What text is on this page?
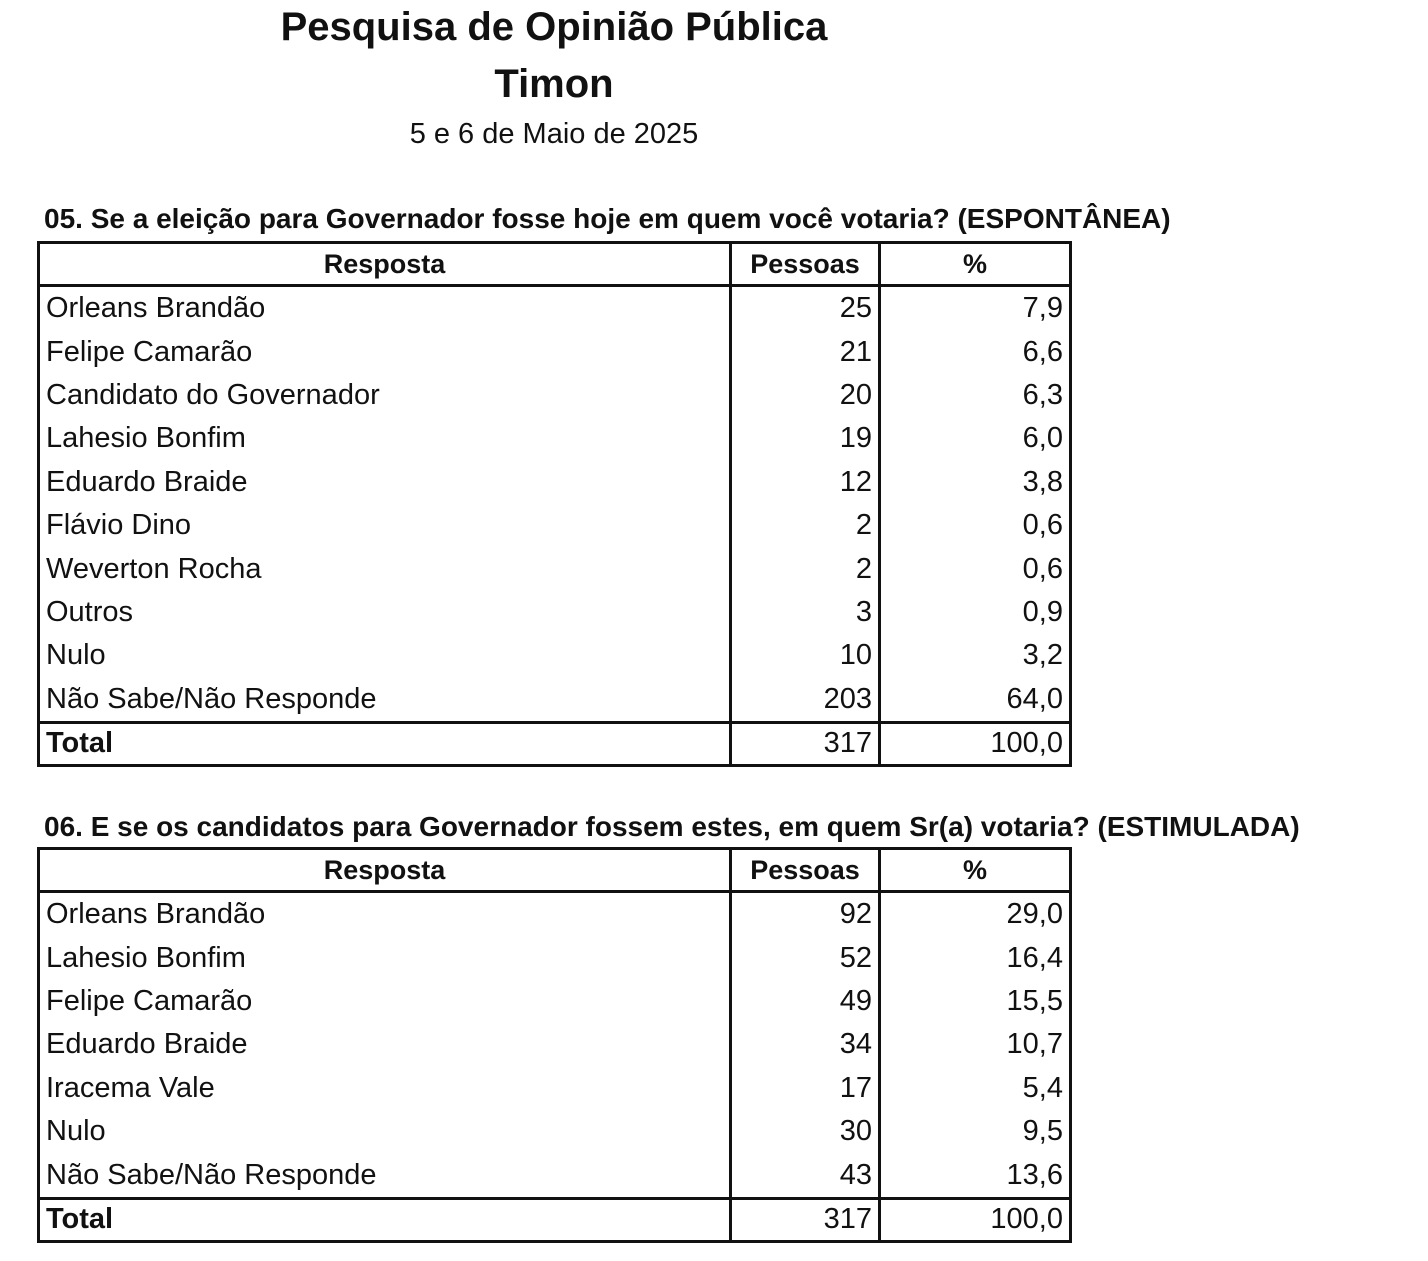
Pesquisa de Opinião Pública
Timon

5 e 6 de Maio de 2025

05. Se a eleição para Governador fosse hoje em quem você votaria? (ESPONTÂNEA)

Resposta	Pessoas	%
Orleans Brandão	25	7,9
Felipe Camarão	21	6,6
Candidato do Governador	20	6,3
Lahesio Bonfim	19	6,0
Eduardo Braide	12	3,8
Flávio Dino	2	0,6
Weverton Rocha	2	0,6
Outros	3	0,9
Nulo	10	3,2
Não Sabe/Não Responde	203	64,0
Total	317	100,0

06. E se os candidatos para Governador fossem estes, em quem Sr(a) votaria? (ESTIMULADA)

Resposta	Pessoas	%
Orleans Brandão	92	29,0
Lahesio Bonfim	52	16,4
Felipe Camarão	49	15,5
Eduardo Braide	34	10,7
Iracema Vale	17	5,4
Nulo	30	9,5
Não Sabe/Não Responde	43	13,6
Total	317	100,0
